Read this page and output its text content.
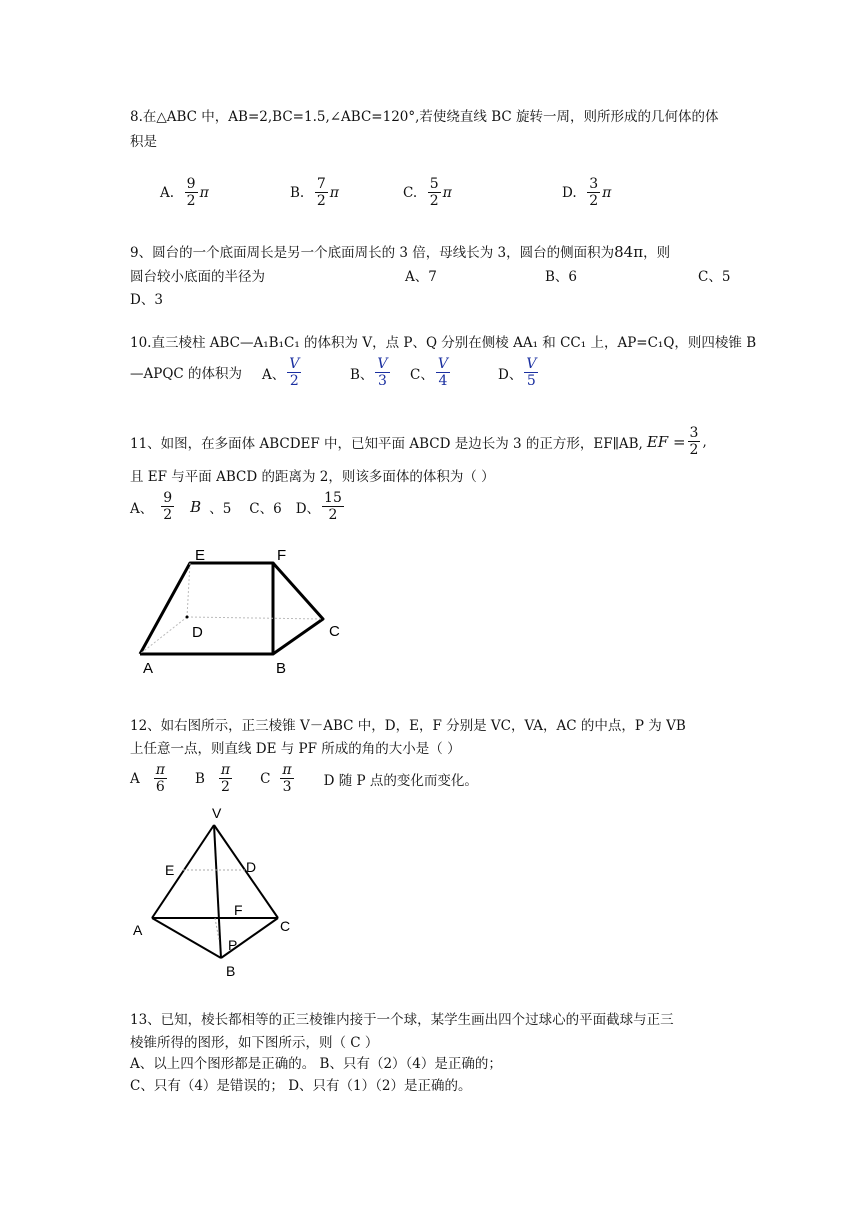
8.在△ABC 中，AB=2,BC=1.5,∠ABC=120°,若使绕直线 BC 旋转一周，则所形成的几何体的体
积是
A.
$\frac{9}{2}$ π	B.
$\frac{7}{2}$ π	C.
$\frac{5}{2}$ π	D.
$\frac{3}{2}$ π
9、圆台的一个底面周长是另一个底面周长的 3 倍，母线长为 3，圆台的侧面积为84π，则
圆台较小底面的半径为	A、7	B、6	C、5
D、3
10.直三棱柱 ABC—A₁B₁C₁ 的体积为 V，点 P、Q 分别在侧棱 AA₁ 和 CC₁ 上，AP=C₁Q，则四棱锥 B
—APQC 的体积为 A、 $\frac{V}{2}$	B、 $\frac{V}{3}$ C、 $\frac{V}{4}$	D、 $\frac{V}{5}$
11、如图，在多面体 ABCDEF 中，已知平面 ABCD 是边长为 3 的正方形，EF∥AB, EF = $\frac{3}{2}$ ,
且 EF 与平面 ABCD 的距离为 2，则该多面体的体积为（ ）
A、 $\frac{9}{2}$ B 、5 C、6 D、 $\frac{15}{2}$
E	F
D	C
A	B
12、如右图所示，正三棱锥 V－ABC 中，D，E，F 分别是 VC，VA，AC 的中点，P 为 VB
上任意一点，则直线 DE 与 PF 所成的角的大小是（ ）
A $\frac{\pi}{6}$ B $\frac{\pi}{2}$ C $\frac{\pi}{3}$ D 随 P 点的变化而变化。
V
E	D
F
A	C
P
B
13、已知，棱长都相等的正三棱锥内接于一个球，某学生画出四个过球心的平面截球与正三
棱锥所得的图形，如下图所示，则（ C ）
A、以上四个图形都是正确的。 B、只有（2）（4）是正确的；
C、只有（4）是错误的； D、只有（1）（2）是正确的。
